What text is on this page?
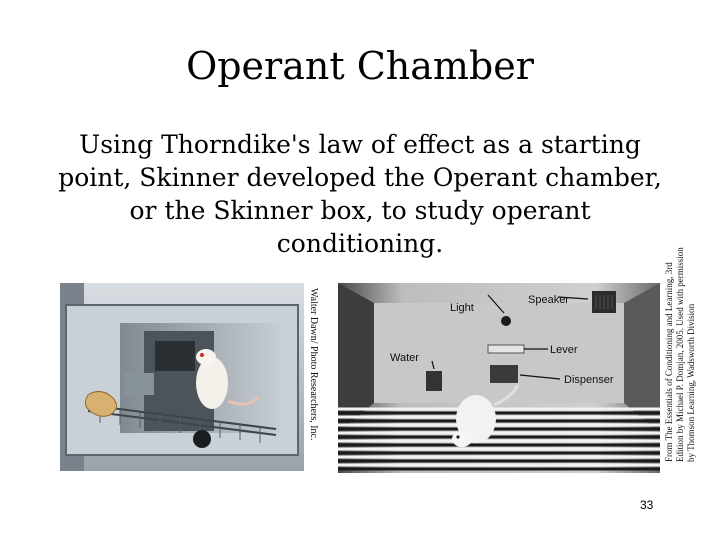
Operant Chamber
Using Thorndike's law of effect as a starting point, Skinner developed the Operant chamber, or the Skinner box, to study operant conditioning.
Light
Speaker
Lever
Water
Dispenser
Walter Dawn/ Photo Researchers, Inc.	From The Essentials of Conditioning and Learning, 3rd Edition by Michael P. Domjan, 2005. Used with permission by Thomson Learning, Wadsworth Division
33
